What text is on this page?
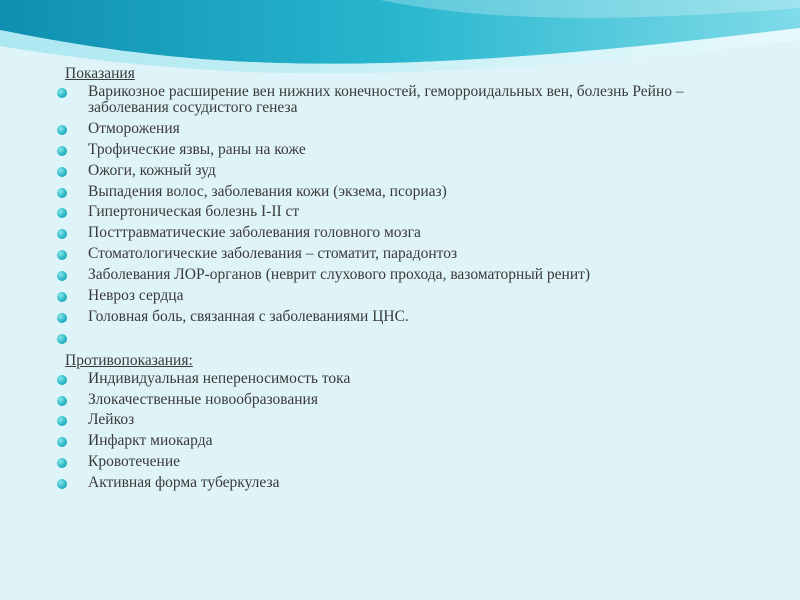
Показания
Варикозное расширение вен нижних конечностей, геморроидальных вен, болезнь Рейно – заболевания сосудистого генеза
Отморожения
Трофические язвы, раны на коже
Ожоги, кожный зуд
Выпадения волос, заболевания кожи (экзема, псориаз)
Гипертоническая болезнь I-II ст
Посттравматические заболевания головного мозга
Стоматологические заболевания – стоматит, парадонтоз
Заболевания ЛОР-органов (неврит слухового прохода, вазоматорный ренит)
Невроз сердца
Головная боль, связанная с заболеваниями ЦНС.
Противопоказания:
Индивидуальная непереносимость тока
Злокачественные новообразования
Лейкоз
Инфаркт миокарда
Кровотечение
Активная форма туберкулеза
